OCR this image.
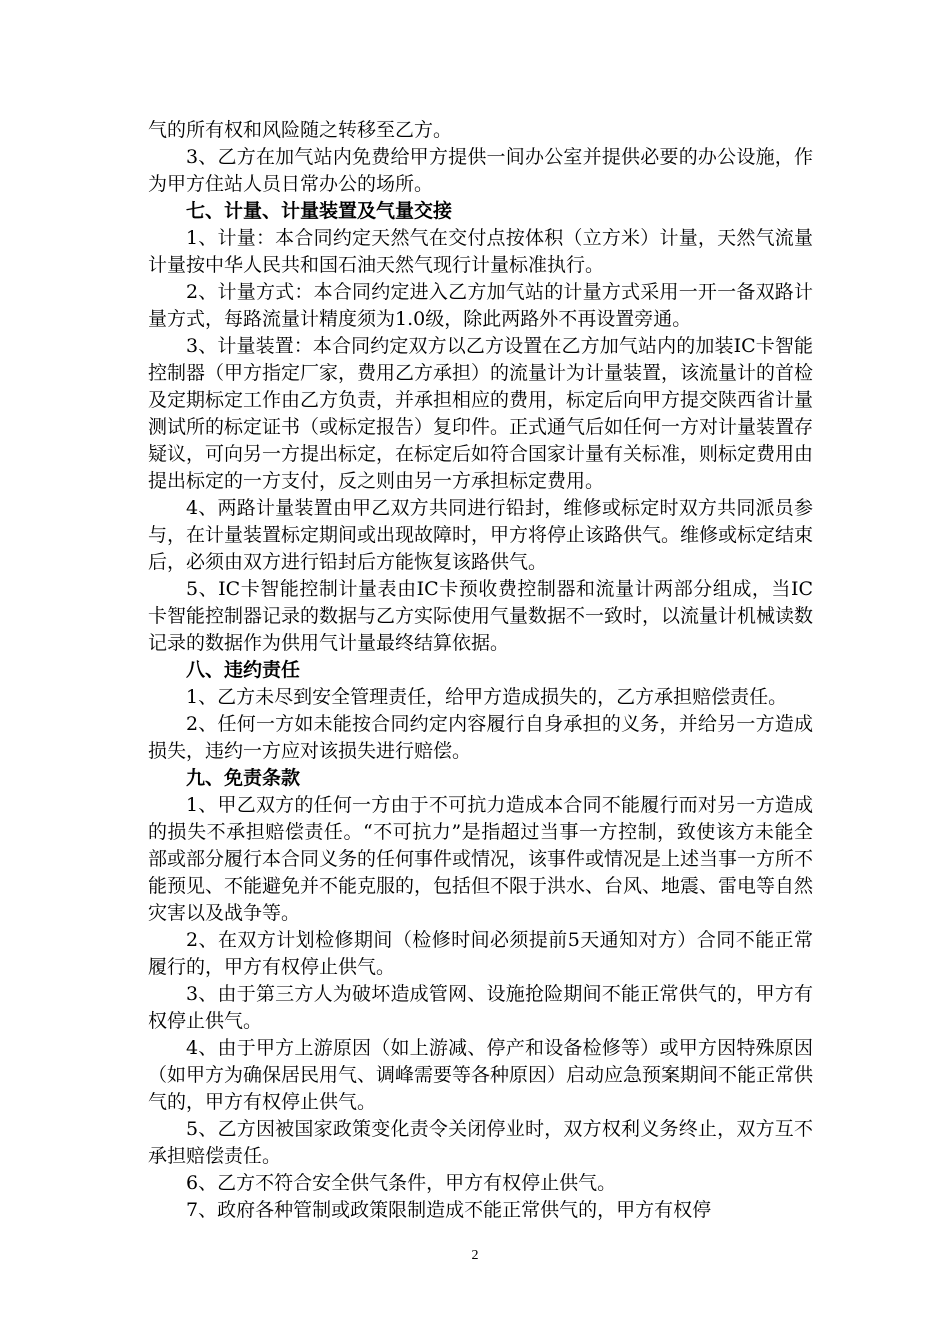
气的所有权和风险随之转移至乙方。

3、乙方在加气站内免费给甲方提供一间办公室并提供必要的办公设施，作为甲方住站人员日常办公的场所。

七、计量、计量装置及气量交接

1、计量：本合同约定天然气在交付点按体积（立方米）计量，天然气流量计量按中华人民共和国石油天然气现行计量标准执行。

2、计量方式：本合同约定进入乙方加气站的计量方式采用一开一备双路计量方式，每路流量计精度须为1.0级，除此两路外不再设置旁通。

3、计量装置：本合同约定双方以乙方设置在乙方加气站内的加装IC卡智能控制器（甲方指定厂家，费用乙方承担）的流量计为计量装置，该流量计的首检及定期标定工作由乙方负责，并承担相应的费用，标定后向甲方提交陕西省计量测试所的标定证书（或标定报告）复印件。正式通气后如任何一方对计量装置存疑议，可向另一方提出标定，在标定后如符合国家计量有关标准，则标定费用由提出标定的一方支付，反之则由另一方承担标定费用。

4、两路计量装置由甲乙双方共同进行铅封，维修或标定时双方共同派员参与，在计量装置标定期间或出现故障时，甲方将停止该路供气。维修或标定结束后，必须由双方进行铅封后方能恢复该路供气。

5、IC卡智能控制计量表由IC卡预收费控制器和流量计两部分组成，当IC卡智能控制器记录的数据与乙方实际使用气量数据不一致时，以流量计机械读数记录的数据作为供用气计量最终结算依据。

八、违约责任

1、乙方未尽到安全管理责任，给甲方造成损失的，乙方承担赔偿责任。

2、任何一方如未能按合同约定内容履行自身承担的义务，并给另一方造成损失，违约一方应对该损失进行赔偿。

九、免责条款

1、甲乙双方的任何一方由于不可抗力造成本合同不能履行而对另一方造成的损失不承担赔偿责任。“不可抗力”是指超过当事一方控制，致使该方未能全部或部分履行本合同义务的任何事件或情况，该事件或情况是上述当事一方所不能预见、不能避免并不能克服的，包括但不限于洪水、台风、地震、雷电等自然灾害以及战争等。

2、在双方计划检修期间（检修时间必须提前5天通知对方）合同不能正常履行的，甲方有权停止供气。

3、由于第三方人为破坏造成管网、设施抢险期间不能正常供气的，甲方有权停止供气。

4、由于甲方上游原因（如上游减、停产和设备检修等）或甲方因特殊原因（如甲方为确保居民用气、调峰需要等各种原因）启动应急预案期间不能正常供气的，甲方有权停止供气。

5、乙方因被国家政策变化责令关闭停业时，双方权利义务终止，双方互不承担赔偿责任。

6、乙方不符合安全供气条件，甲方有权停止供气。

7、政府各种管制或政策限制造成不能正常供气的，甲方有权停

2
